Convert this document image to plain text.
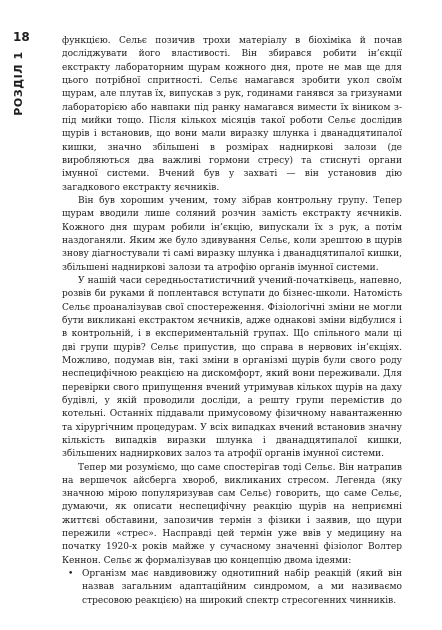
18
РОЗДІЛ 1

функцією. Сельє позичив трохи матеріалу в біохіміка й почав досліджувати його властивості. Він збирався робити ін’єкції екстракту лабораторним щурам кожного дня, проте не мав ще для цього потрібної спритності. Сельє намагався зробити укол своїм щурам, але плутав їх, випускав з рук, годинами ганявся за гризунами лабораторією або навпаки під ранку намагався вимести їх віником з-під мийки тощо. Після кількох місяців такої роботи Сельє дослідив щурів і встановив, що вони мали виразку шлунка і дванадцятипалої кишки, значно збільшені в розмірах надниркові залози (де виробляються два важливі гормони стресу) та стиснуті органи імунної системи. Вчений був у захваті — він установив дію загадкового екстракту яєчників.

Він був хорошим ученим, тому зібрав контрольну групу. Тепер щурам вводили лише соляний розчин замість екстракту яєчників. Кожного дня щурам робили ін’єкцію, випускали їх з рук, а потім наздоганяли. Яким же було здивування Сельє, коли зрештою в щурів знову діагностували ті самі виразку шлунка і дванадцятипалої кишки, збільшені надниркові залози та атрофію органів імунної системи.

У нашій часи середньостатистичний учений-початківець, напевно, розвів би руками й поплентався вступати до бізнес-школи. Натомість Сельє проаналізував свої спостереження. Фізіологічні зміни не могли бути викликані екстрактом яєчників, адже однакові зміни відбулися і в контрольній, і в експериментальній групах. Що спільного мали ці дві групи щурів? Сельє припустив, що справа в нервових ін’єкціях. Можливо, подумав він, такі зміни в організмі щурів були свого роду неспецифічною реакцією на дискомфорт, який вони переживали. Для перевірки свого припущення вчений утримував кількох щурів на даху будівлі, у якій проводили досліди, а решту групи перемістив до котельні. Останніх піддавали примусовому фізичному навантаженню та хірургічним процедурам. У всіх випадках вчений встановив значну кількість випадків виразки шлунка і дванадцятипалої кишки, збільшених надниркових залоз та атрофії органів імунної системи.

Тепер ми розуміємо, що саме спостерігав тоді Сельє. Він натрапив на вершечок айсберга хвороб, викликаних стресом. Легенда (яку значною мірою популяризував сам Сельє) говорить, що саме Сельє, думаючи, як описати неспецифічну реакцію щурів на неприємні життєві обставини, запозичив термін з фізики і заявив, що щури пережили «стрес». Насправді цей термін уже ввів у медицину на початку 1920-х років майже у сучасному значенні фізіолог Волтер Кеннон. Сельє ж формалізував цю концепцію двома ідеями:

• Організм має навдивовижу однотипний набір реакцій (який він назвав загальним адаптаційним синдромом, а ми називаємо стресовою реакцією) на широкий спектр стресогенних чинників.
